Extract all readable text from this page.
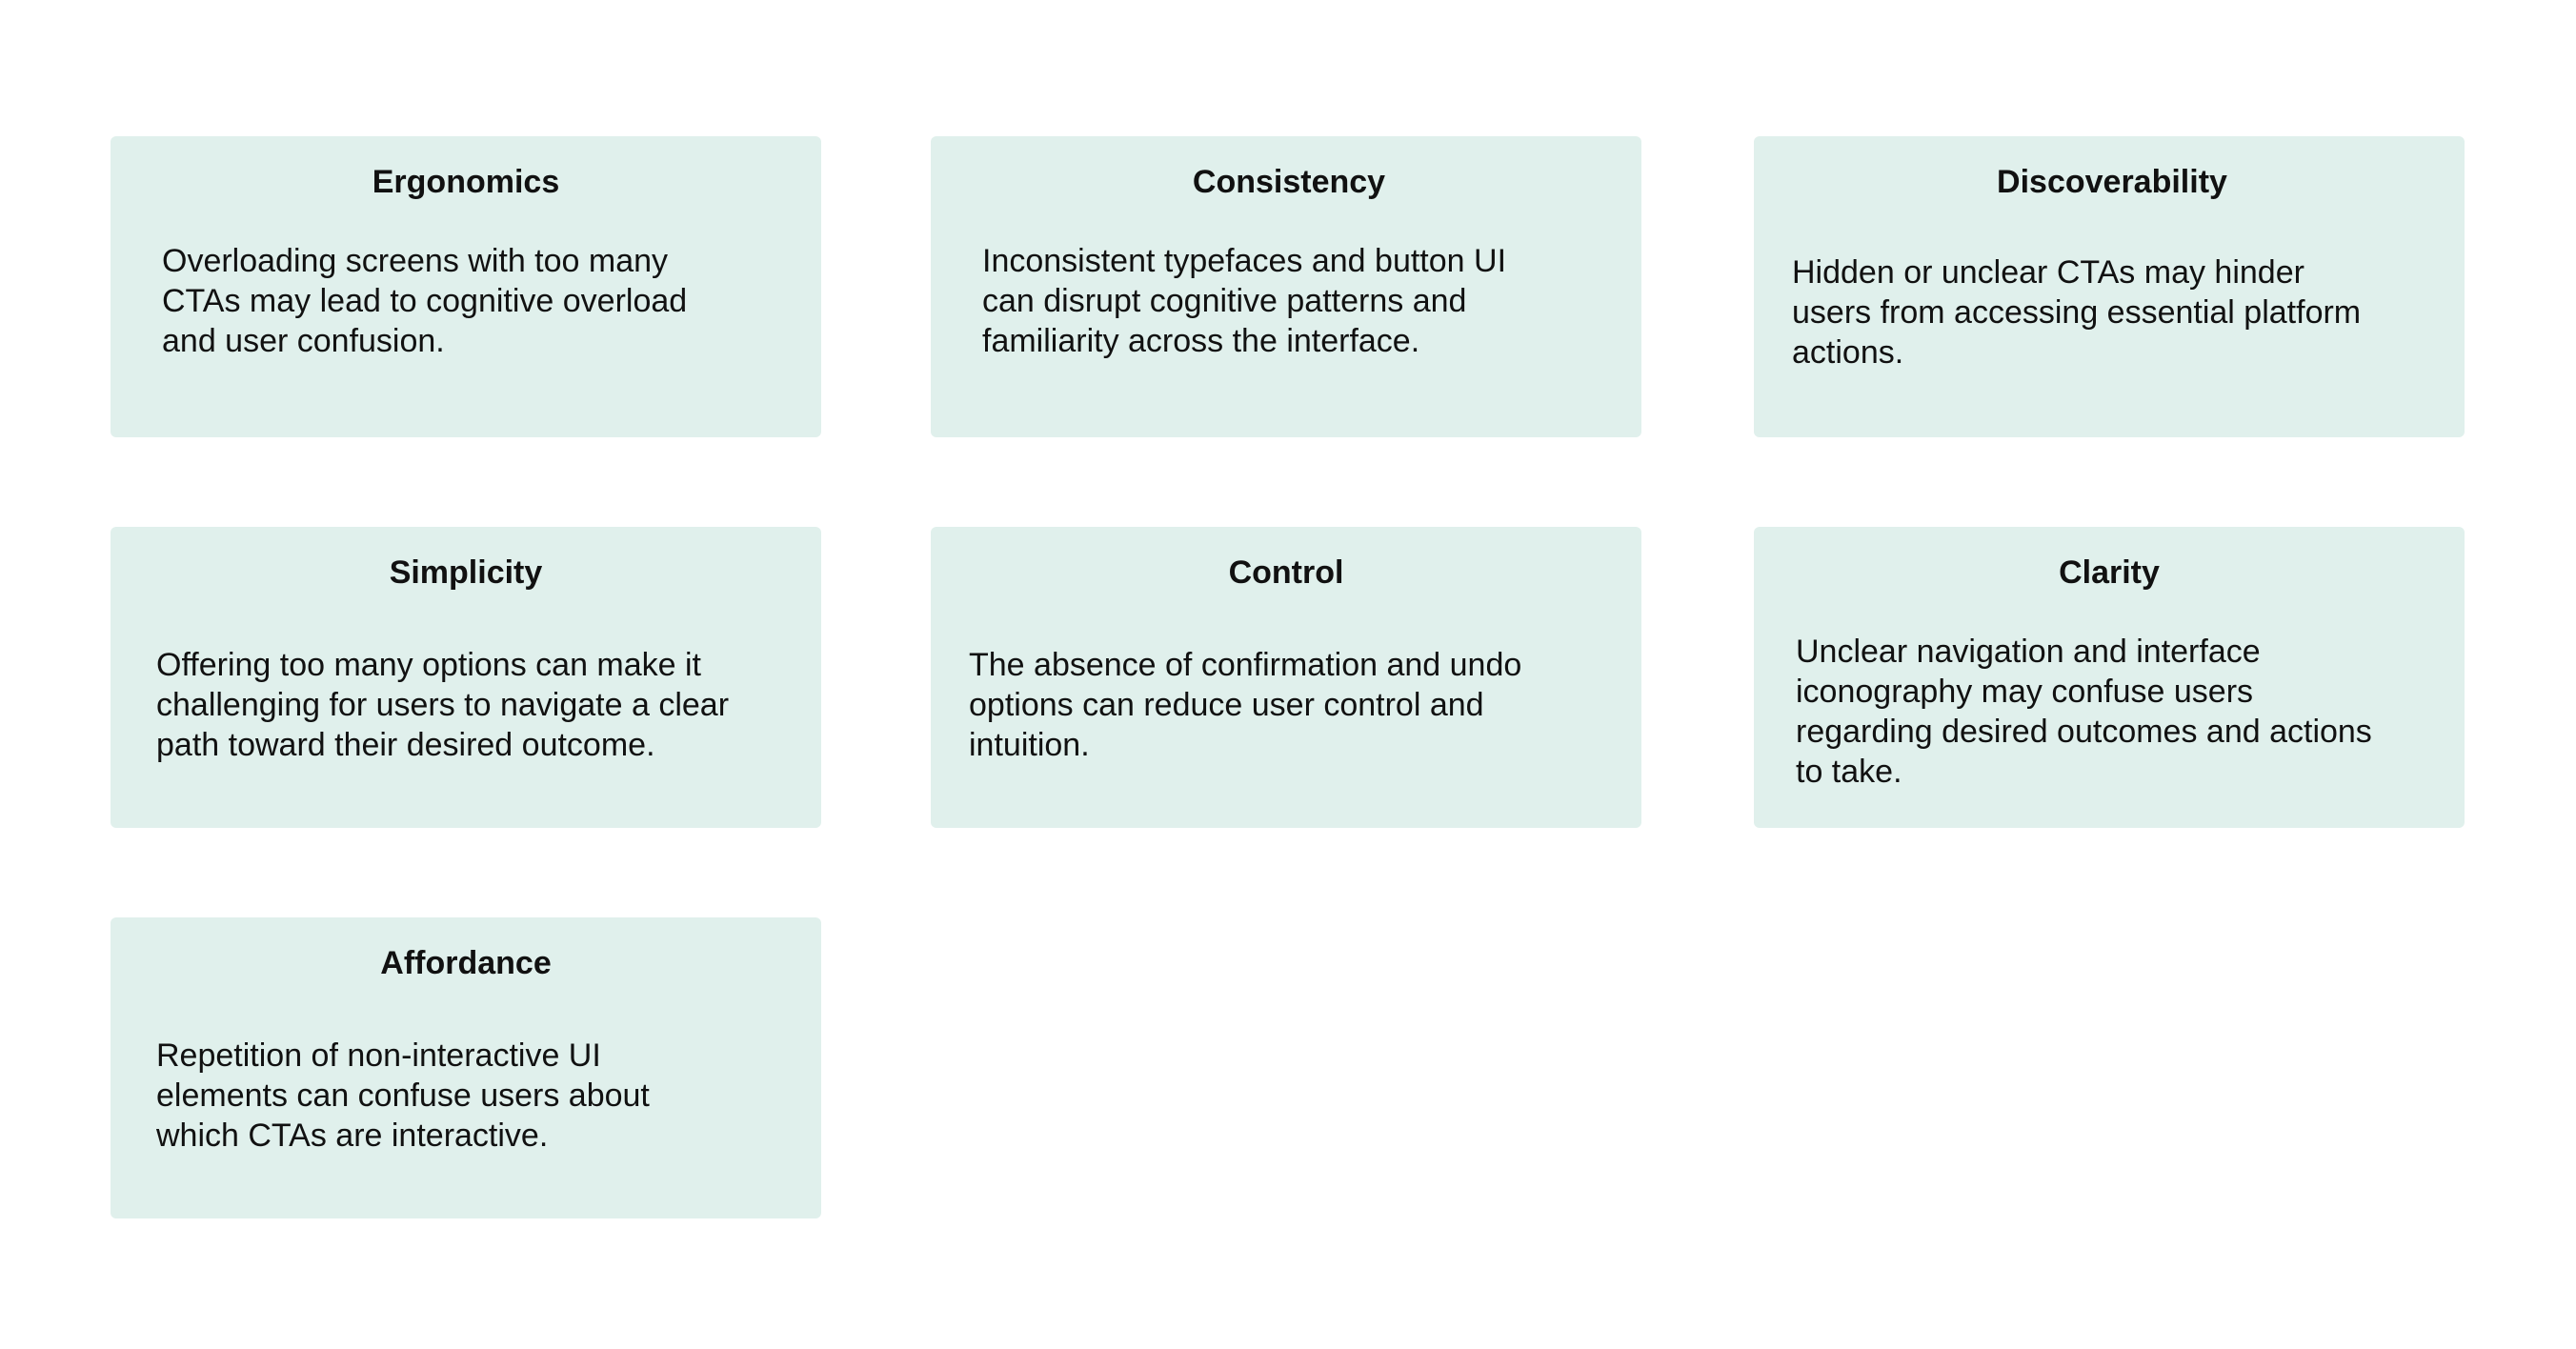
Ergonomics

Overloading screens with too many
CTAs may lead to cognitive overload
and user confusion.

Consistency

Inconsistent typefaces and button UI
can disrupt cognitive patterns and
familiarity across the interface.

Discoverability

Hidden or unclear CTAs may hinder
users from accessing essential platform
actions.

Simplicity

Offering too many options can make it
challenging for users to navigate a clear
path toward their desired outcome.

Control

The absence of confirmation and undo
options can reduce user control and
intuition.

Clarity

Unclear navigation and interface
iconography may confuse users
regarding desired outcomes and actions
to take.

Affordance

Repetition of non-interactive UI
elements can confuse users about
which CTAs are interactive.
